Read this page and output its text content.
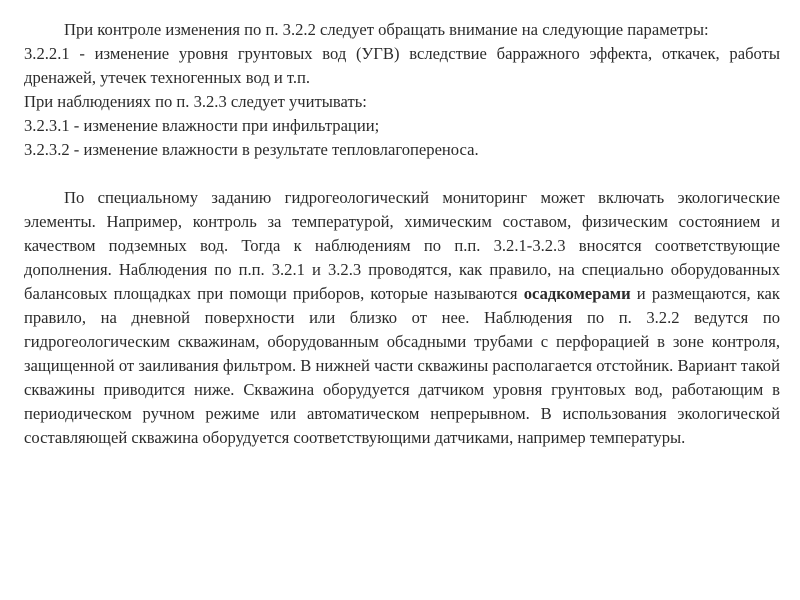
При контроле изменения по п. 3.2.2 следует обращать внимание на следующие параметры:

3.2.2.1 - изменение уровня грунтовых вод (УГВ) вследствие барражного эффекта, откачек, работы дренажей, утечек техногенных вод и т.п.

При наблюдениях по п. 3.2.3 следует учитывать:

3.2.3.1 - изменение влажности при инфильтрации;

3.2.3.2 - изменение влажности в результате тепловлагопереноса.

По специальному заданию гидрогеологический мониторинг может включать экологические элементы. Например, контроль за температурой, химическим составом, физическим состоянием и качеством подземных вод. Тогда к наблюдениям по п.п. 3.2.1-3.2.3 вносятся соответствующие дополнения. Наблюдения по п.п. 3.2.1 и 3.2.3 проводятся, как правило, на специально оборудованных балансовых площадках при помощи приборов, которые называются осадкомерами и размещаются, как правило, на дневной поверхности или близко от нее. Наблюдения по п. 3.2.2 ведутся по гидрогеологическим скважинам, оборудованным обсадными трубами с перфорацией в зоне контроля, защищенной от заиливания фильтром. В нижней части скважины располагается отстойник. Вариант такой скважины приводится ниже. Скважина оборудуется датчиком уровня грунтовых вод, работающим в периодическом ручном режиме или автоматическом непрерывном. В использования экологической составляющей скважина оборудуется соответствующими датчиками, например температуры.
